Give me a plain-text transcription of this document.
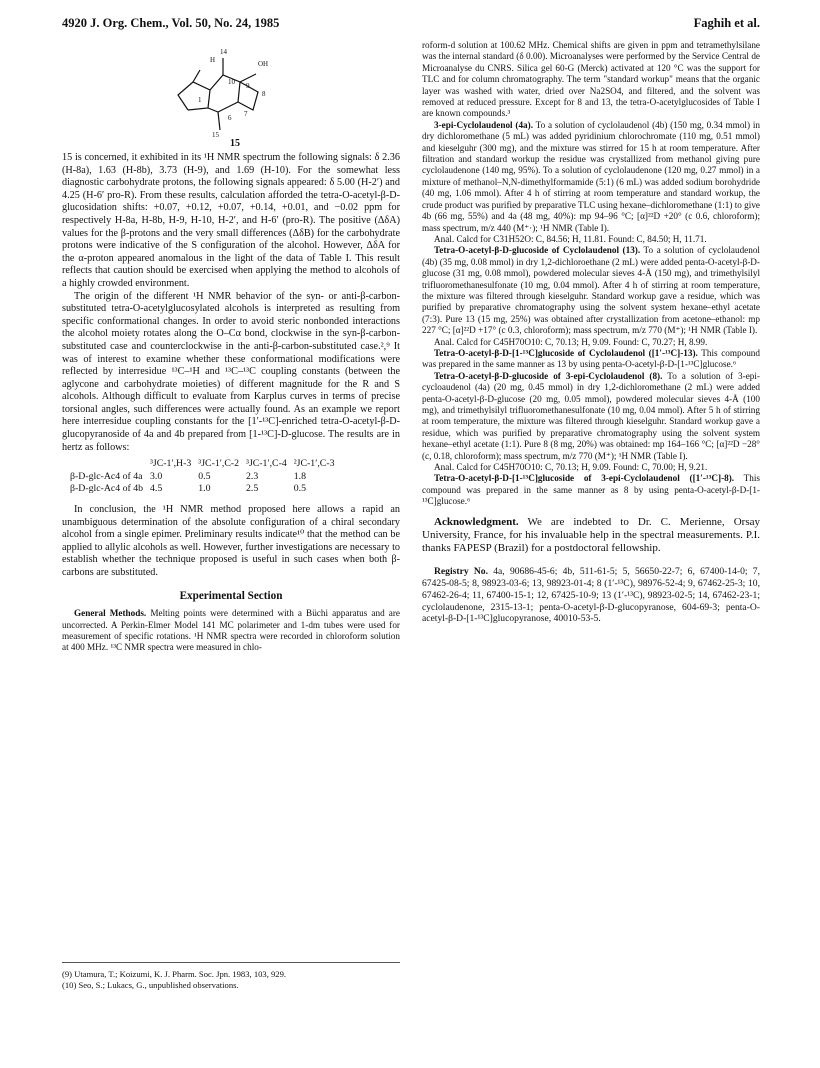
4920 J. Org. Chem., Vol. 50, No. 24, 1985	Faghih et al.
14
H	OH
10 9
8
7
6
1
15
15

15 is concerned, it exhibited in its ¹H NMR spectrum the following signals: δ 2.36 (H-8a), 1.63 (H-8b), 3.73 (H-9), and 1.69 (H-10). For the somewhat less diagnostic carbohydrate protons, the following signals appeared: δ 5.00 (H-2′) and 4.25 (H-6′ pro-R). From these results, calculation afforded the tetra-O-acetyl-β-D-glucosidation shifts: +0.07, +0.12, +0.07, +0.14, +0.01, and −0.02 ppm for respectively H-8a, H-8b, H-9, H-10, H-2′, and H-6′ (pro-R). The positive (ΔδA) values for the β-protons and the very small differences (ΔδB) for the carbohydrate protons were indicative of the S configuration of the alcohol. However, ΔδA for the α-proton appeared anomalous in the light of the data of Table I. This result reflects that caution should be exercised when applying the method to alcohols of a highly crowded environment.

The origin of the different ¹H NMR behavior of the syn- or anti-β-carbon-substituted tetra-O-acetylglucosylated alcohols is interpreted as resulting from specific conformational changes. In order to avoid steric nonbonded interactions the alcohol moiety rotates along the O–Cα bond, clockwise in the syn-β-carbon-substituted case and counterclockwise in the anti-β-carbon-substituted case.²,⁹ It was of interest to examine whether these conformational modifications were reflected by interresidue ¹³C–¹H and ¹³C–¹³C coupling constants (between the aglycone and carbohydrate moieties) of different magnitude for the R and S alcohols. Although difficult to evaluate from Karplus curves in terms of precise torsional angles, such differences were actually found. As an example we report here interresidue coupling constants for the [1′-¹³C]-enriched tetra-O-acetyl-β-D-glucopyranoside of 4a and 4b prepared from [1-¹³C]-D-glucose. The results are in hertz as follows:

	³JC-1′,H-3	³JC-1′,C-2	³JC-1′,C-4	²JC-1′,C-3
β-D-glc-Ac4 of 4a	3.0	0.5	2.3	1.8
β-D-glc-Ac4 of 4b	4.5	1.0	2.5	0.5

In conclusion, the ¹H NMR method proposed here allows a rapid an unambiguous determination of the absolute configuration of a chiral secondary alcohol from a single epimer. Preliminary results indicate¹⁰ that the method can be applied to allylic alcohols as well. However, further investigations are necessary to establish whether the technique proposed is useful in such cases when both β-carbons are substituted.

Experimental Section

General Methods. Melting points were determined with a Büchi apparatus and are uncorrected. A Perkin-Elmer Model 141 MC polarimeter and 1-dm tubes were used for measurement of specific rotations. ¹H NMR spectra were recorded in chloroform solution at 400 MHz. ¹³C NMR spectra were measured in chlo-

(9) Utamura, T.; Koizumi, K. J. Pharm. Soc. Jpn. 1983, 103, 929.
(10) Seo, S.; Lukacs, G., unpublished observations.

roform-d solution at 100.62 MHz. Chemical shifts are given in ppm and tetramethylsilane was the internal standard (δ 0.00). Microanalyses were performed by the Service Central de Microanalyse du CNRS. Silica gel 60-G (Merck) activated at 120 °C was the support for TLC and for column chromatography. The term "standard workup" means that the organic layer was washed with water, dried over Na2SO4, and filtered, and the solvent was removed at reduced pressure. Except for 8 and 13, the tetra-O-acetylglucosides of Table I are known compounds.³

3-epi-Cyclolaudenol (4a). To a solution of cyclolaudenol (4b) (150 mg, 0.34 mmol) in dry dichloromethane (5 mL) was added pyridinium chlorochromate (110 mg, 0.51 mmol) and kieselguhr (300 mg), and the mixture was stirred for 15 h at room temperature. After filtration and standard workup the residue was crystallized from methanol giving pure cyclolaudenone (140 mg, 95%). To a solution of cyclolaudenone (120 mg, 0.27 mmol) in a mixture of methanol–N,N-dimethylformamide (5:1) (6 mL) was added sodium borohydride (40 mg, 1.06 mmol). After 4 h of stirring at room temperature and standard workup, the crude product was purified by preparative TLC using hexane–dichloromethane (1:1) to give 4b (66 mg, 55%) and 4a (48 mg, 40%): mp 94–96 °C; [α]²²D +20° (c 0.6, chloroform); mass spectrum, m/z 440 (M⁺·); ¹H NMR (Table I).

Anal. Calcd for C31H52O: C, 84.56; H, 11.81. Found: C, 84.50; H, 11.71.

Tetra-O-acetyl-β-D-glucoside of Cyclolaudenol (13). To a solution of cyclolaudenol (4b) (35 mg, 0.08 mmol) in dry 1,2-dichloroethane (2 mL) were added penta-O-acetyl-β-D-glucose (31 mg, 0.08 mmol), powdered molecular sieves 4-Å (150 mg), and trimethylsilyl trifluoromethanesulfonate (10 mg, 0.04 mmol). After 4 h of stirring at room temperature, the mixture was filtered through kieselguhr. Standard workup gave a residue, which was purified by preparative chromatography using the solvent system hexane–ethyl acetate (7:3). Pure 13 (15 mg, 25%) was obtained after crystallization from acetone–ethanol: mp 227 °C; [α]²²D +17° (c 0.3, chloroform); mass spectrum, m/z 770 (M⁺); ¹H NMR (Table I).

Anal. Calcd for C45H70O10: C, 70.13; H, 9.09. Found: C, 70.27; H, 8.99.

Tetra-O-acetyl-β-D-[1-¹³C]glucoside of Cyclolaudenol ([1′-¹³C]-13). This compound was prepared in the same manner as 13 by using penta-O-acetyl-β-D-[1-¹³C]glucose.⁶

Tetra-O-acetyl-β-D-glucoside of 3-epi-Cyclolaudenol (8). To a solution of 3-epi-cycloaudenol (4a) (20 mg, 0.45 mmol) in dry 1,2-dichloromethane (2 mL) were added penta-O-acetyl-β-D-glucose (20 mg, 0.05 mmol), powdered molecular sieves 4-Å (100 mg), and trimethylsilyl trifluoromethanesulfonate (10 mg, 0.04 mmol). After 5 h of stirring at room temperature, the mixture was filtered through kieselguhr. Standard workup gave a residue, which was purified by preparative chromatography using the solvent system hexane–ethyl acetate (1:1). Pure 8 (8 mg, 20%) was obtained: mp 164–166 °C; [α]²²D −28° (c, 0.18, chloroform); mass spectrum, m/z 770 (M⁺); ¹H NMR (Table I).

Anal. Calcd for C45H70O10: C, 70.13; H, 9.09. Found: C, 70.00; H, 9.21.

Tetra-O-acetyl-β-D-[1-¹³C]glucoside of 3-epi-Cyclolaudenol ([1′-¹³C]-8). This compound was prepared in the same manner as 8 by using penta-O-acetyl-β-D-[1-¹³C]glucose.⁶

Acknowledgment. We are indebted to Dr. C. Merienne, Orsay University, France, for his invaluable help in the spectral measurements. P.I. thanks FAPESP (Brazil) for a postdoctoral fellowship.

Registry No. 4a, 90686-45-6; 4b, 511-61-5; 5, 56650-22-7; 6, 67400-14-0; 7, 67425-08-5; 8, 98923-03-6; 13, 98923-01-4; 8 (1′-¹³C), 98976-52-4; 9, 67462-25-3; 10, 67462-26-4; 11, 67400-15-1; 12, 67425-10-9; 13 (1′-¹³C), 98923-02-5; 14, 67462-23-1; cyclolaudenone, 2315-13-1; penta-O-acetyl-β-D-glucopyranose, 604-69-3; penta-O-acetyl-β-D-[1-¹³C]glucopyranose, 40010-53-5.
